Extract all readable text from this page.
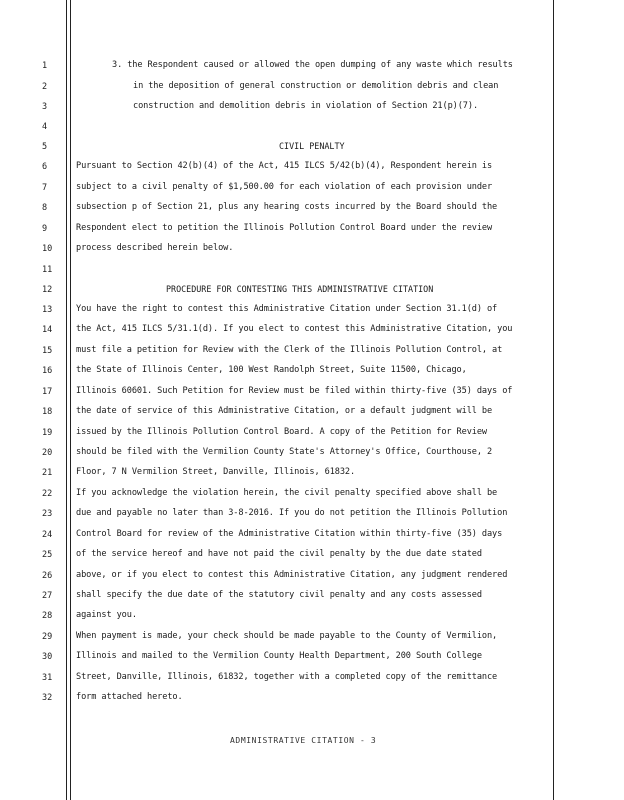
1
2
3
4
5
6
7
8
9
10
11
12
13
14
15
16
17
18
19
20
21
22
23
24
25
26
27
28
29
30
31
32
3. the Respondent caused or allowed the open dumping of any waste which results
in the deposition of general construction or demolition debris and clean
construction and demolition debris in violation of Section 21(p)(7).
CIVIL PENALTY
Pursuant to Section 42(b)(4) of the Act, 415 ILCS 5/42(b)(4), Respondent herein is
subject to a civil penalty of $1,500.00 for each violation of each provision under
subsection p of Section 21, plus any hearing costs incurred by the Board should the
Respondent elect to petition the Illinois Pollution Control Board under the review
process described herein below.
PROCEDURE FOR CONTESTING THIS ADMINISTRATIVE CITATION
You have the right to contest this Administrative Citation under Section 31.1(d) of
the Act, 415 ILCS 5/31.1(d). If you elect to contest this Administrative Citation, you
must file a petition for Review with the Clerk of the Illinois Pollution Control, at
the State of Illinois Center, 100 West Randolph Street, Suite 11500, Chicago,
Illinois 60601. Such Petition for Review must be filed within thirty-five (35) days of
the date of service of this Administrative Citation, or a default judgment will be
issued by the Illinois Pollution Control Board. A copy of the Petition for Review
should be filed with the Vermilion County State's Attorney's Office, Courthouse, 2
Floor, 7 N Vermilion Street, Danville, Illinois, 61832.
If you acknowledge the violation herein, the civil penalty specified above shall be
due and payable no later than 3-8-2016. If you do not petition the Illinois Pollution
Control Board for review of the Administrative Citation within thirty-five (35) days
of the service hereof and have not paid the civil penalty by the due date stated
above, or if you elect to contest this Administrative Citation, any judgment rendered
shall specify the due date of the statutory civil penalty and any costs assessed
against you.
When payment is made, your check should be made payable to the County of Vermilion,
Illinois and mailed to the Vermilion County Health Department, 200 South College
Street, Danville, Illinois, 61832, together with a completed copy of the remittance
form attached hereto.
ADMINISTRATIVE CITATION - 3
